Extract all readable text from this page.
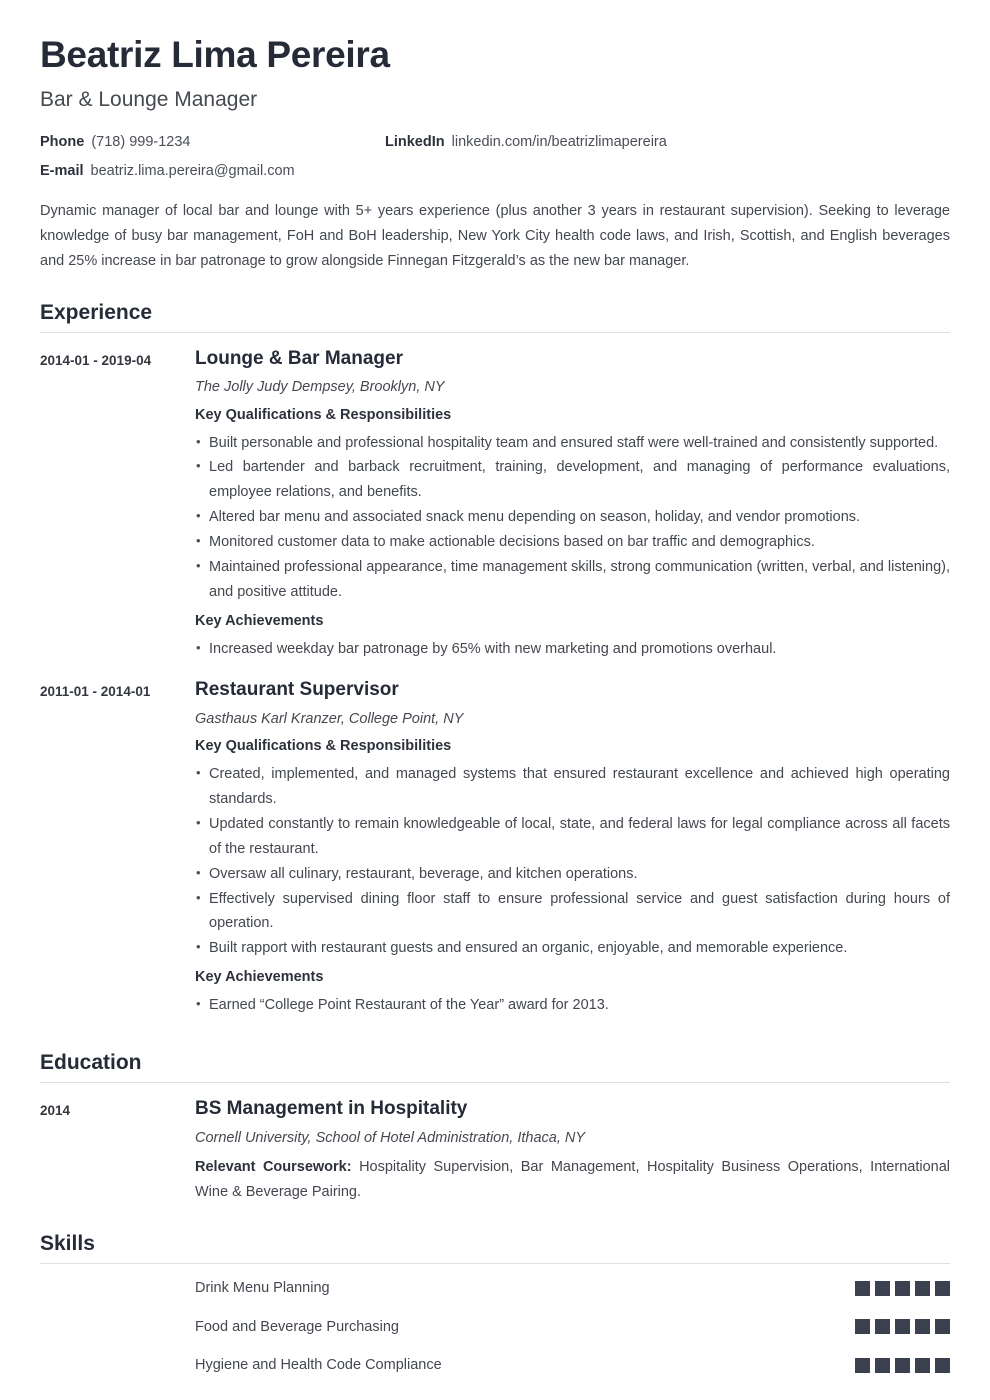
Beatriz Lima Pereira
Bar & Lounge Manager
Phone (718) 999-1234	LinkedIn linkedin.com/in/beatrizlimapereira
E-mail beatriz.lima.pereira@gmail.com

Dynamic manager of local bar and lounge with 5+ years experience (plus another 3 years in restaurant supervision). Seeking to leverage knowledge of busy bar management, FoH and BoH leadership, New York City health code laws, and Irish, Scottish, and English beverages and 25% increase in bar patronage to grow alongside Finnegan Fitzgerald’s as the new bar manager.

Experience
2014-01 - 2019-04	Lounge & Bar Manager
The Jolly Judy Dempsey, Brooklyn, NY
Key Qualifications & Responsibilities
• Built personable and professional hospitality team and ensured staff were well-trained and consistently supported.
• Led bartender and barback recruitment, training, development, and managing of performance evaluations, employee relations, and benefits.
• Altered bar menu and associated snack menu depending on season, holiday, and vendor promotions.
• Monitored customer data to make actionable decisions based on bar traffic and demographics.
• Maintained professional appearance, time management skills, strong communication (written, verbal, and listening), and positive attitude.
Key Achievements
• Increased weekday bar patronage by 65% with new marketing and promotions overhaul.
2011-01 - 2014-01	Restaurant Supervisor
Gasthaus Karl Kranzer, College Point, NY
Key Qualifications & Responsibilities
• Created, implemented, and managed systems that ensured restaurant excellence and achieved high operating standards.
• Updated constantly to remain knowledgeable of local, state, and federal laws for legal compliance across all facets of the restaurant.
• Oversaw all culinary, restaurant, beverage, and kitchen operations.
• Effectively supervised dining floor staff to ensure professional service and guest satisfaction during hours of operation.
• Built rapport with restaurant guests and ensured an organic, enjoyable, and memorable experience.
Key Achievements
• Earned “College Point Restaurant of the Year” award for 2013.
Education
2014	BS Management in Hospitality
Cornell University, School of Hotel Administration, Ithaca, NY

Relevant Coursework: Hospitality Supervision, Bar Management, Hospitality Business Operations, International Wine & Beverage Pairing.

Skills
Drink Menu Planning
Food and Beverage Purchasing
Hygiene and Health Code Compliance
